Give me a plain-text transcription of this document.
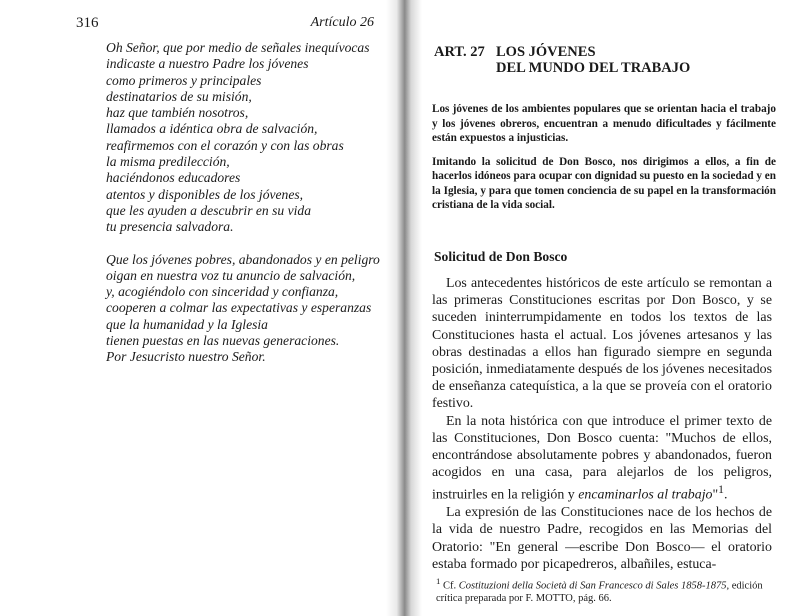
316	Artículo 26
Oh Señor, que por medio de señales inequívocas
indicaste a nuestro Padre los jóvenes
como primeros y principales
destinatarios de su misión,
haz que también nosotros,
llamados a idéntica obra de salvación,
reafirmemos con el corazón y con las obras
la misma predilección,
haciéndonos educadores
atentos y disponibles de los jóvenes,
que les ayuden a descubrir en su vida
tu presencia salvadora.
Que los jóvenes pobres, abandonados y en peligro
oigan en nuestra voz tu anuncio de salvación,
y, acogiéndolo con sinceridad y confianza,
cooperen a colmar las expectativas y esperanzas
que la humanidad y la Iglesia
tienen puestas en las nuevas generaciones.
Por Jesucristo nuestro Señor.
ART. 27 LOS JÓVENES
DEL MUNDO DEL TRABAJO

Los jóvenes de los ambientes populares que se orientan hacia el trabajo y los jóvenes obreros, encuentran a menudo dificultades y fácilmente están expuestos a injusticias.

Imitando la solicitud de Don Bosco, nos dirigimos a ellos, a fin de hacerlos idóneos para ocupar con dignidad su puesto en la sociedad y en la Iglesia, y para que tomen conciencia de su papel en la transformación cristiana de la vida social.

Solicitud de Don Bosco

Los antecedentes históricos de este artículo se remontan a las primeras Constituciones escritas por Don Bosco, y se suceden ininterrumpidamente en todos los textos de las Constituciones hasta el actual. Los jóvenes artesanos y las obras destinadas a ellos han figurado siempre en segunda posición, inmediatamente después de los jóvenes necesitados de enseñanza catequística, a la que se proveía con el oratorio festivo.

En la nota histórica con que introduce el primer texto de las Constituciones, Don Bosco cuenta: "Muchos de ellos, encontrándose absolutamente pobres y abandonados, fueron acogidos en una casa, para alejarlos de los peligros, instruirles en la religión y encaminarlos al trabajo"$^1$.

La expresión de las Constituciones nace de los hechos de la vida de nuestro Padre, recogidos en las Memorias del Oratorio: "En general —escribe Don Bosco— el oratorio estaba formado por picapedreros, albañiles, estuca-

$^1$ Cf. Costituzioni della Società di San Francesco di Sales 1858-1875, edición crítica preparada por F. MOTTO, pág. 66.
